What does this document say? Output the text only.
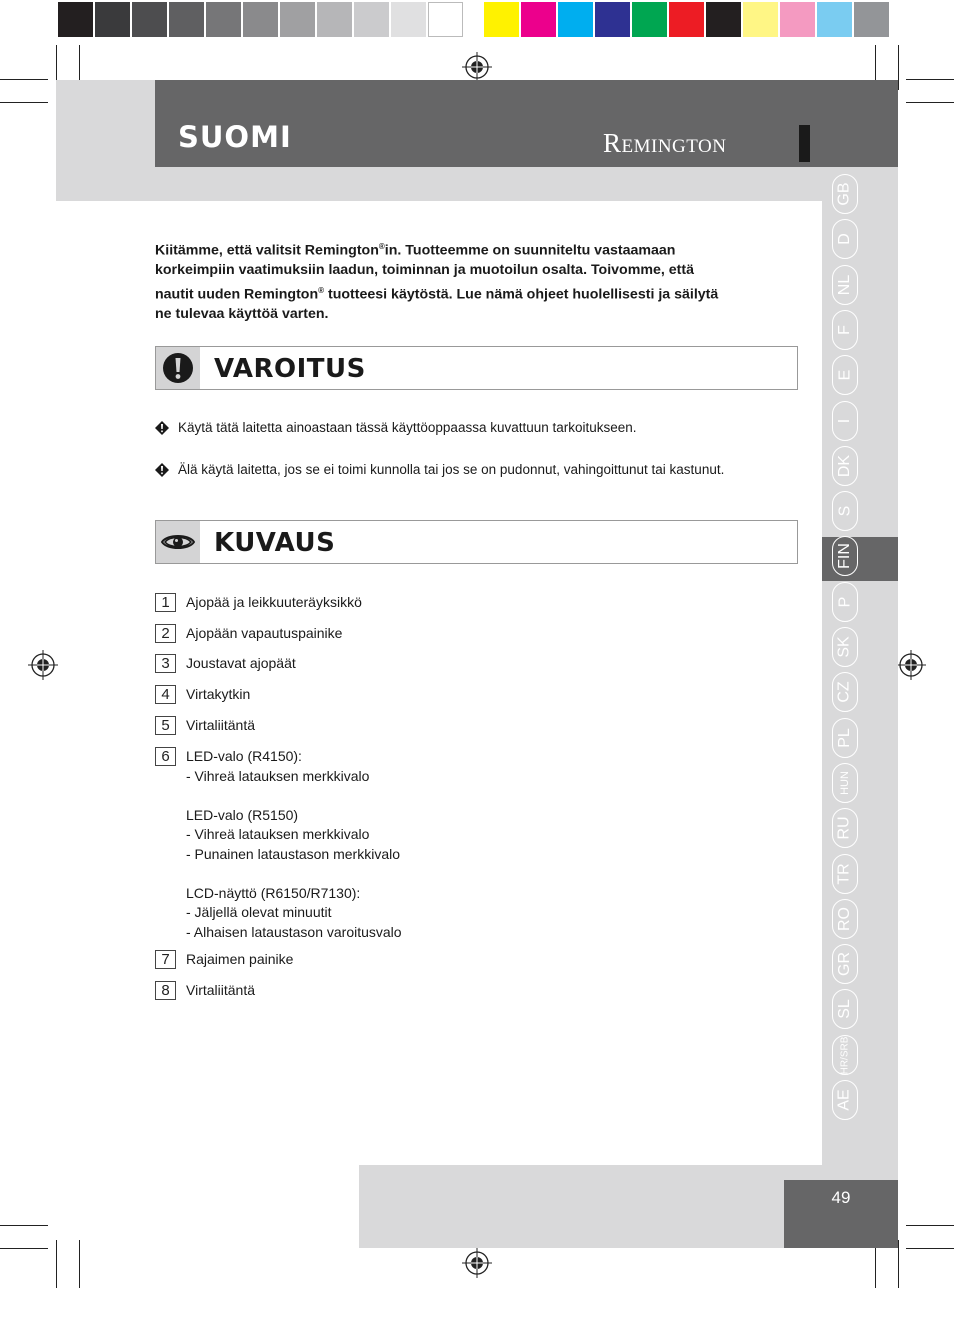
SUOMI	Remington
GB
D
NL
F
E
I
DK
S
FIN
P
SK
CZ
PL
HUN
RU
TR
RO
GR
SL
HR/SRB
AE
Kiitämme, että valitsit Remington®in. Tuotteemme on suunniteltu vastaamaan
korkeimpiin vaatimuksiin laadun, toiminnan ja muotoilun osalta. Toivomme, että
nautit uuden Remington® tuotteesi käytöstä. Lue nämä ohjeet huolellisesti ja säilytä
ne tulevaa käyttöä varten.
VAROITUS
Käytä tätä laitetta ainoastaan tässä käyttöoppaassa kuvattuun tarkoitukseen.
Älä käytä laitetta, jos se ei toimi kunnolla tai jos se on pudonnut, vahingoittunut tai kastunut.
KUVAUS
1	Ajopää ja leikkuuteräyksikkö
2	Ajopään vapautuspainike
3	Joustavat ajopäät
4	Virtakytkin
5	Virtaliitäntä
6	LED-valo (R4150):
- Vihreä latauksen merkkivalo
LED-valo (R5150)
- Vihreä latauksen merkkivalo
- Punainen lataustason merkkivalo
LCD-näyttö (R6150/R7130):
- Jäljellä olevat minuutit
- Alhaisen lataustason varoitusvalo
7	Rajaimen painike
8	Virtaliitäntä
49
